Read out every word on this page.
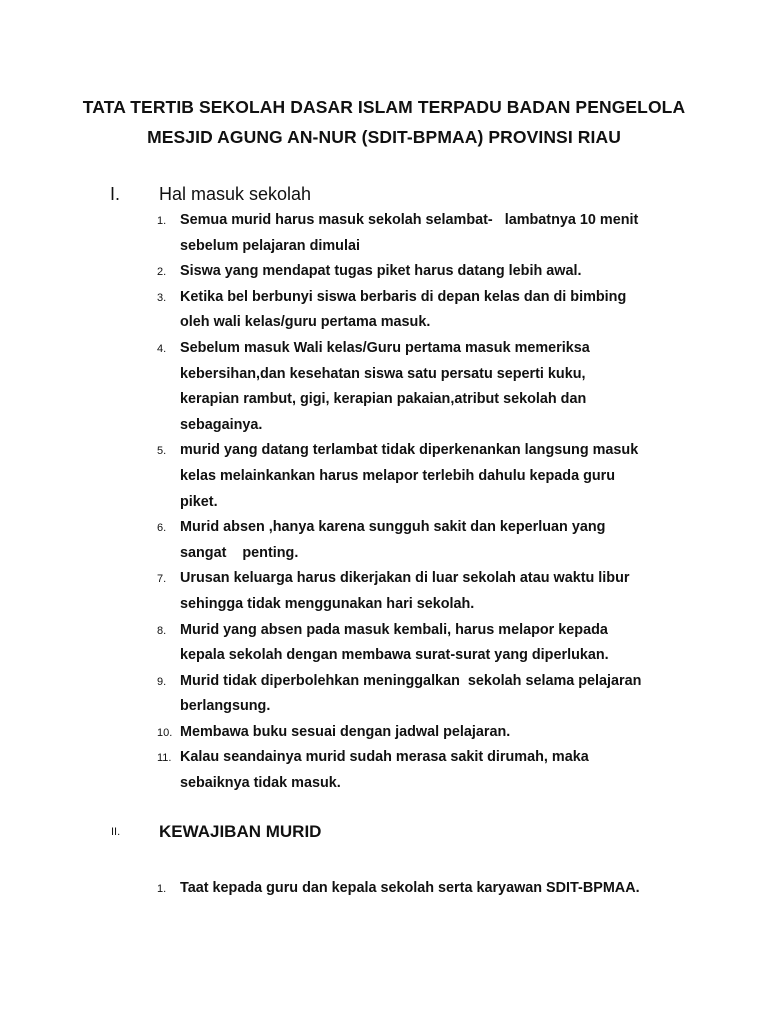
TATA TERTIB SEKOLAH DASAR ISLAM TERPADU BADAN PENGELOLA
MESJID AGUNG AN-NUR (SDIT-BPMAA) PROVINSI RIAU
I. Hal masuk sekolah
1. Semua murid harus masuk sekolah selambat-   lambatnya 10 menit
sebelum pelajaran dimulai
2. Siswa yang mendapat tugas piket harus datang lebih awal.
3. Ketika bel berbunyi siswa berbaris di depan kelas dan di bimbing
oleh wali kelas/guru pertama masuk.
4. Sebelum masuk Wali kelas/Guru pertama masuk memeriksa
kebersihan,dan kesehatan siswa satu persatu seperti kuku,
kerapian rambut, gigi, kerapian pakaian,atribut sekolah dan
sebagainya.
5. murid yang datang terlambat tidak diperkenankan langsung masuk
kelas melainkankan harus melapor terlebih dahulu kepada guru
piket.
6. Murid absen ,hanya karena sungguh sakit dan keperluan yang
sangat    penting.
7. Urusan keluarga harus dikerjakan di luar sekolah atau waktu libur
sehingga tidak menggunakan hari sekolah.
8. Murid yang absen pada masuk kembali, harus melapor kepada
kepala sekolah dengan membawa surat-surat yang diperlukan.
9. Murid tidak diperbolehkan meninggalkan  sekolah selama pelajaran
berlangsung.
10. Membawa buku sesuai dengan jadwal pelajaran.
11. Kalau seandainya murid sudah merasa sakit dirumah, maka
sebaiknya tidak masuk.
II. KEWAJIBAN MURID
1. Taat kepada guru dan kepala sekolah serta karyawan SDIT-BPMAA.
